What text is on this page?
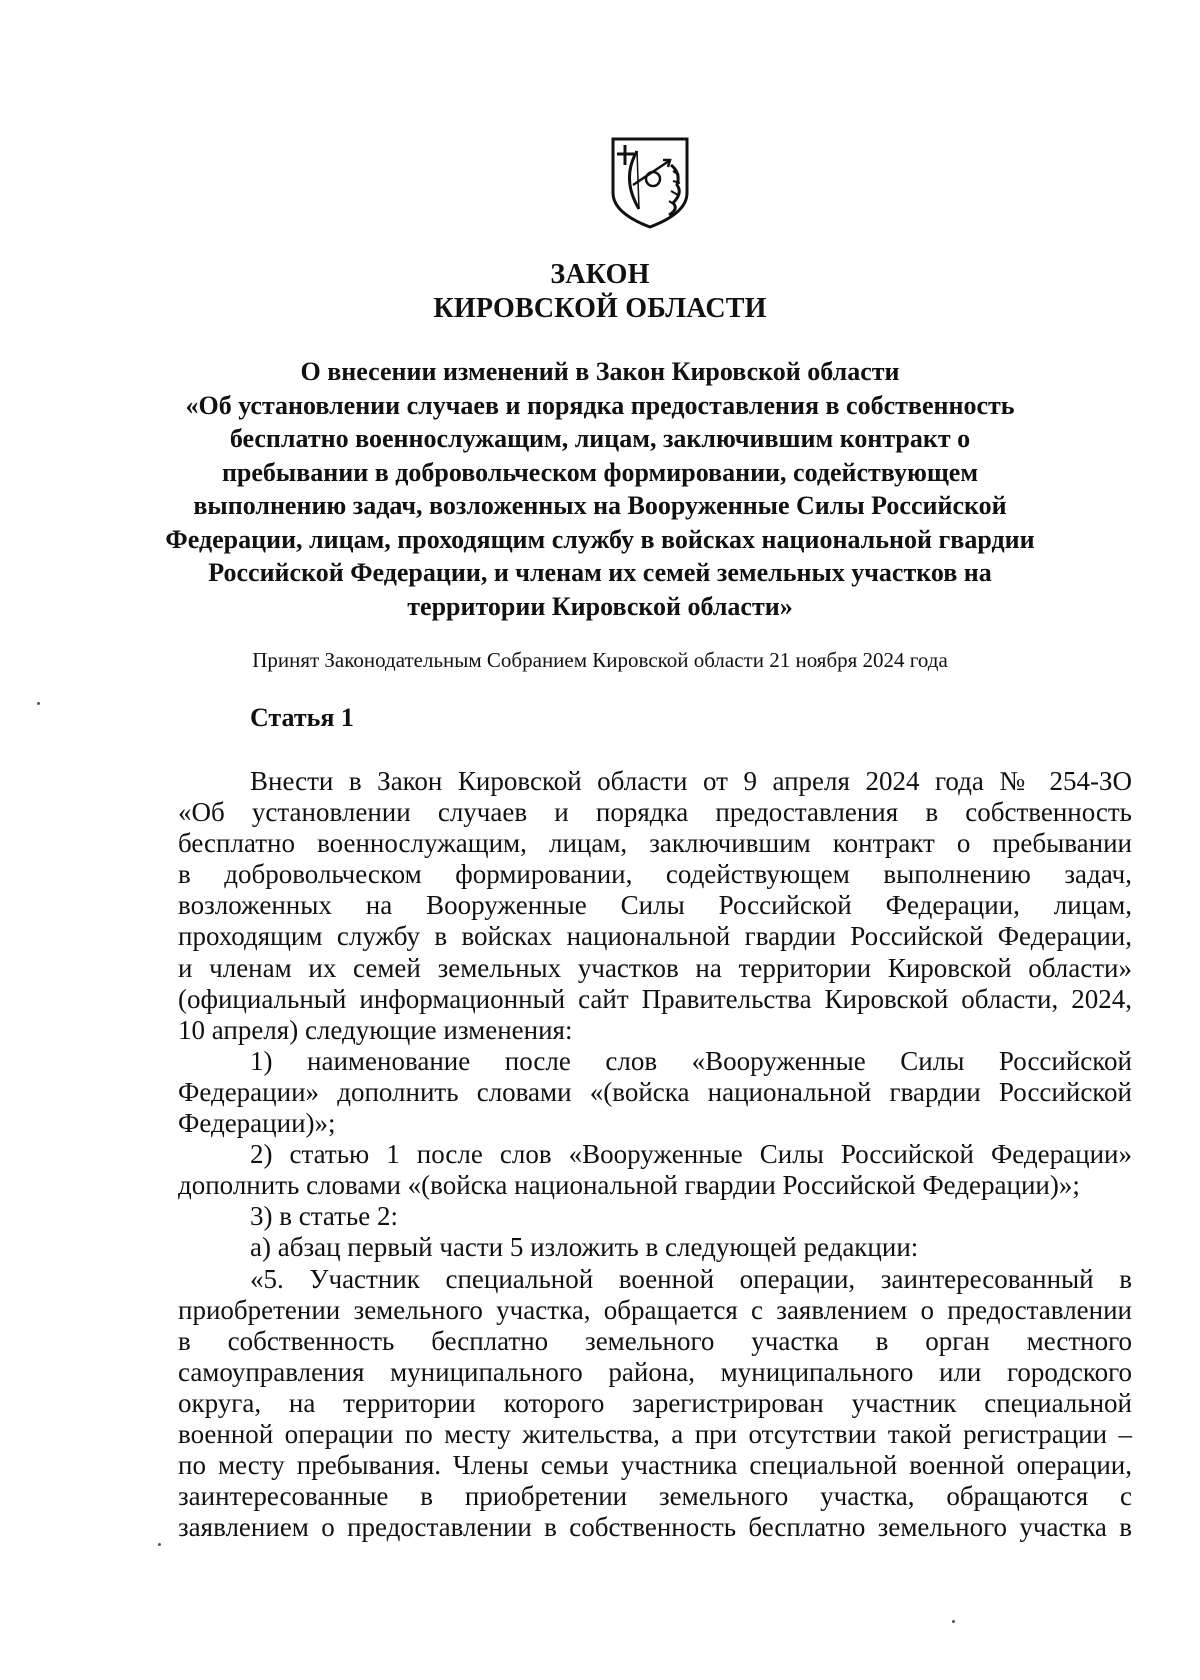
ЗАКОН
КИРОВСКОЙ ОБЛАСТИ
О внесении изменений в Закон Кировской области
«Об установлении случаев и порядка предоставления в собственность
бесплатно военнослужащим, лицам, заключившим контракт о
пребывании в добровольческом формировании, содействующем
выполнению задач, возложенных на Вооруженные Силы Российской
Федерации, лицам, проходящим службу в войсках национальной гвардии
Российской Федерации, и членам их семей земельных участков на
территории Кировской области»
Принят Законодательным Собранием Кировской области 21 ноября 2024 года
Статья 1
Внести в Закон Кировской области от 9 апреля 2024 года № 254-ЗО
«Об установлении случаев и порядка предоставления в собственность
бесплатно военнослужащим, лицам, заключившим контракт о пребывании
в добровольческом формировании, содействующем выполнению задач,
возложенных на Вооруженные Силы Российской Федерации, лицам,
проходящим службу в войсках национальной гвардии Российской Федерации,
и членам их семей земельных участков на территории Кировской области»
(официальный информационный сайт Правительства Кировской области, 2024,
10 апреля) следующие изменения:
1) наименование после слов «Вооруженные Силы Российской
Федерации» дополнить словами «(войска национальной гвардии Российской
Федерации)»;
2) статью 1 после слов «Вооруженные Силы Российской Федерации»
дополнить словами «(войска национальной гвардии Российской Федерации)»;
3) в статье 2:
а) абзац первый части 5 изложить в следующей редакции:
«5. Участник специальной военной операции, заинтересованный в
приобретении земельного участка, обращается с заявлением о предоставлении
в собственность бесплатно земельного участка в орган местного
самоуправления муниципального района, муниципального или городского
округа, на территории которого зарегистрирован участник специальной
военной операции по месту жительства, а при отсутствии такой регистрации –
по месту пребывания. Члены семьи участника специальной военной операции,
заинтересованные в приобретении земельного участка, обращаются с
заявлением о предоставлении в собственность бесплатно земельного участка в
